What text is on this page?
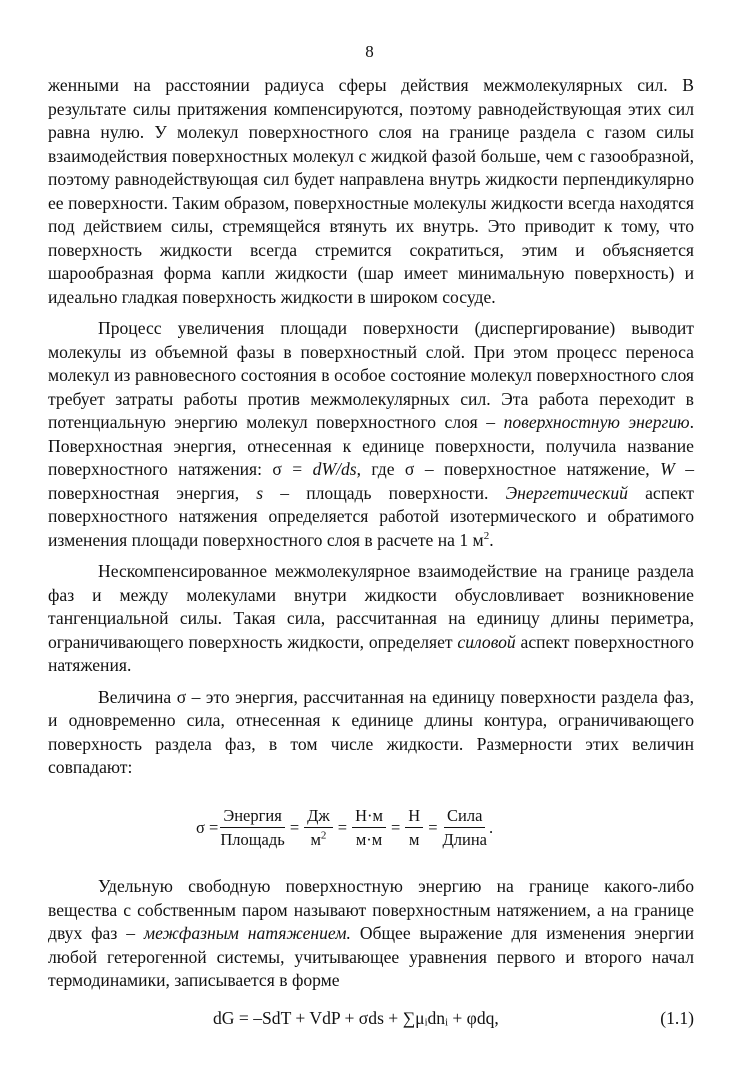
8

женными на расстоянии радиуса сферы действия межмолекулярных сил. В результате силы притяжения компенсируются, поэтому равнодействующая этих сил равна нулю. У молекул поверхностного слоя на границе раздела с газом силы взаимодействия поверхностных молекул с жидкой фазой больше, чем с газообразной, поэтому равнодействующая сил будет направлена внутрь жидкости перпендикулярно ее поверхности. Таким образом, поверхностные молекулы жидкости всегда находятся под действием силы, стремящейся втянуть их внутрь. Это приводит к тому, что поверхность жидкости всегда стремится сократиться, этим и объясняется шарообразная форма капли жидкости (шар имеет минимальную поверхность) и идеально гладкая поверхность жидкости в широком сосуде.

Процесс увеличения площади поверхности (диспергирование) выводит молекулы из объемной фазы в поверхностный слой. При этом процесс переноса молекул из равновесного состояния в особое состояние молекул поверхностного слоя требует затраты работы против межмолекулярных сил. Эта работа переходит в потенциальную энергию молекул поверхностного слоя – поверхностную энергию. Поверхностная энергия, отнесенная к единице поверхности, получила название поверхностного натяжения: σ = dW/ds, где σ – поверхностное натяжение, W – поверхностная энергия, s – площадь поверхности. Энергетический аспект поверхностного натяжения определяется работой изотермического и обратимого изменения площади поверхностного слоя в расчете на 1 $м^2$.

Нескомпенсированное межмолекулярное взаимодействие на границе раздела фаз и между молекулами внутри жидкости обусловливает возникновение тангенциальной силы. Такая сила, рассчитанная на единицу длины периметра, ограничивающего поверхность жидкости, определяет силовой аспект поверхностного натяжения.

Величина σ – это энергия, рассчитанная на единицу поверхности раздела фаз, и одновременно сила, отнесенная к единице длины контура, ограничивающего поверхность раздела фаз, в том числе жидкости. Размерности этих величин совпадают:

$\sigma = \frac{\text{Энергия}}{\text{Площадь}} = \frac{Дж}{м^2} = \frac{Н\cdot м}{м\cdot м} = \frac{Н}{м} = \frac{\text{Сила}}{\text{Длина}}$ .

Удельную свободную поверхностную энергию на границе какого-либо вещества с собственным паром называют поверхностным натяжением, а на границе двух фаз – межфазным натяжением. Общее выражение для изменения энергии любой гетерогенной системы, учитывающее уравнения первого и второго начал термодинамики, записывается в форме

dG = –SdT + VdP + σds + ∑μᵢdnᵢ + φdq,	(1.1)
